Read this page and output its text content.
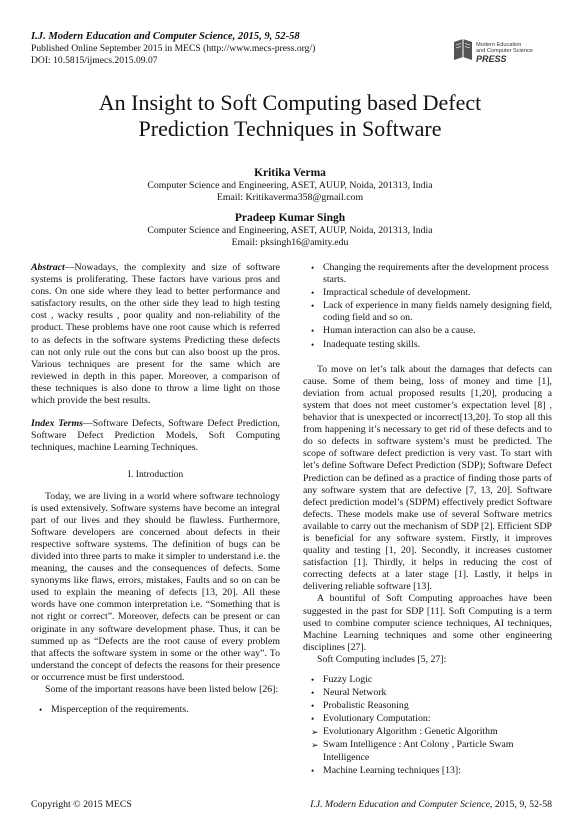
I.J. Modern Education and Computer Science, 2015, 9, 52-58
Published Online September 2015 in MECS (http://www.mecs-press.org/)
DOI: 10.5815/ijmecs.2015.09.07
Modern Education
and Computer Science
PRESS
An Insight to Soft Computing based Defect
Prediction Techniques in Software
Kritika Verma
Computer Science and Engineering, ASET, AUUP, Noida, 201313, India
Email: Kritikaverma358@gmail.com
Pradeep Kumar Singh
Computer Science and Engineering, ASET, AUUP, Noida, 201313, India
Email: pksingh16@amity.edu

Abstract—Nowadays, the complexity and size of software systems is proliferating. These factors have various pros and cons. On one side where they lead to better performance and satisfactory results, on the other side they lead to high testing cost , wacky results , poor quality and non-reliability of the product. These problems have one root cause which is referred to as defects in the software systems Predicting these defects can not only rule out the cons but can also boost up the pros. Various techniques are present for the same which are reviewed in depth in this paper. Moreover, a comparison of these techniques is also done to throw a lime light on those which provide the best results.

Index Terms—Software Defects, Software Defect Prediction, Software Defect Prediction Models, Soft Computing techniques, machine Learning Techniques.

I. Introduction

Today, we are living in a world where software technology is used extensively. Software systems have become an integral part of our lives and they should be flawless. Furthermore, Software developers are concerned about defects in their respective software systems. The definition of bugs can be divided into three parts to make it simpler to understand i.e. the meaning, the causes and the consequences of defects. Some synonyms like flaws, errors, mistakes, Faults and so on can be used to explain the meaning of defects [13, 20]. All these words have one common interpretation i.e. “Something that is not right or correct”. Moreover, defects can be present or can originate in any software development phase. Thus, it can be summed up as “Defects are the root cause of every problem that affects the software system in some or the other way”. To understand the concept of defects the reasons for their presence or occurrence must be first understood.

Some of the important reasons have been listed below [26]:

• Misperception of the requirements.
• Changing the requirements after the development process starts.
• Impractical schedule of development.
• Lack of experience in many fields namely designing field, coding field and so on.
• Human interaction can also be a cause.
• Inadequate testing skills.

To move on let’s talk about the damages that defects can cause. Some of them being, loss of money and time [1], deviation from actual proposed results [1,20], producing a system that does not meet customer’s expectation level [8] , behavior that is unexpected or incorrect[13,20]. To stop all this from happening it’s necessary to get rid of these defects and to do so defects in software system’s must be predicted. The scope of software defect prediction is very vast. To start with let’s define Software Defect Prediction (SDP); Software Defect Prediction can be defined as a practice of finding those parts of any software system that are defective [7, 13, 20]. Software defect prediction model’s (SDPM) effectively predict Software defects. These models make use of several Software metrics available to carry out the mechanism of SDP [2]. Efficient SDP is beneficial for any software system. Firstly, it improves quality and testing [1, 20]. Secondly, it increases customer satisfaction [1]. Thirdly, it helps in reducing the cost of correcting defects at a later stage [1]. Lastly, it helps in delivering reliable software [13].

A bountiful of Soft Computing approaches have been suggested in the past for SDP [11]. Soft Computing is a term used to combine computer science techniques, AI techniques, Machine Learning techniques and some other engineering disciplines [27].

Soft Computing includes [5, 27]:

• Fuzzy Logic
• Neural Network
• Probalistic Reasoning
• Evolutionary Computation:
➢ Evolutionary Algorithm : Genetic Algorithm
➢ Swam Intelligence : Ant Colony , Particle Swam Intelligence
• Machine Learning techniques [13]:
Copyright © 2015 MECS	I.J. Modern Education and Computer Science, 2015, 9, 52-58
